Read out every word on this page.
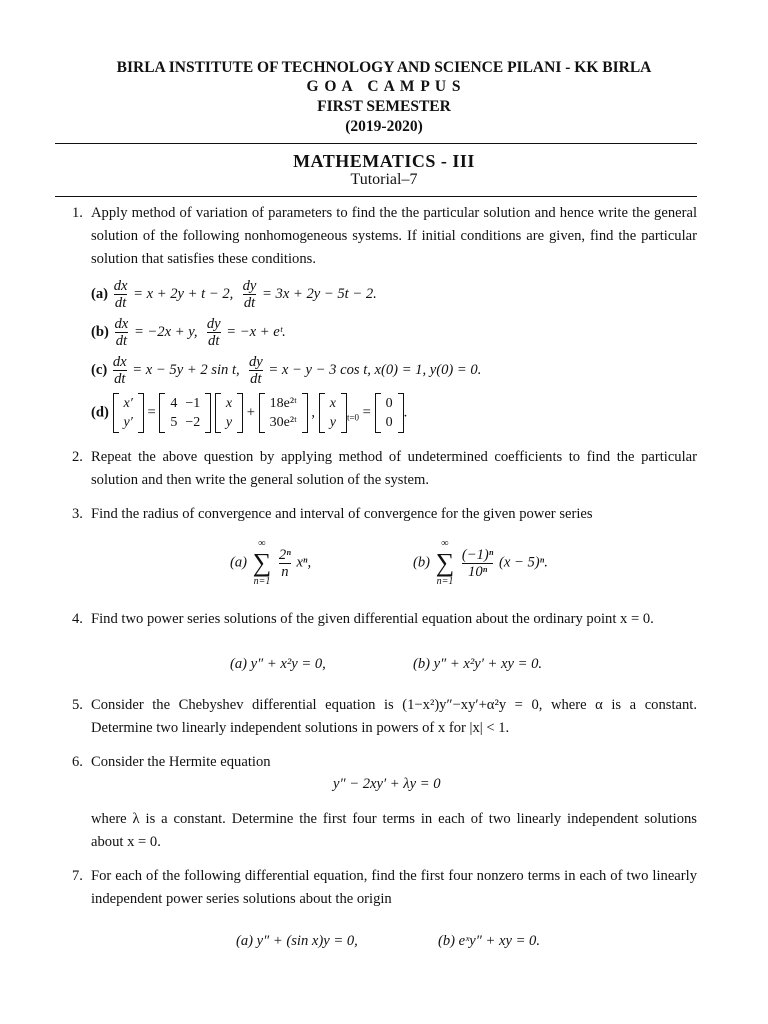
BIRLA INSTITUTE OF TECHNOLOGY AND SCIENCE PILANI - KK BIRLA
G O A   C A M P U S
FIRST SEMESTER
(2019-2020)
MATHEMATICS - III
Tutorial–7
1. Apply method of variation of parameters to find the the particular solution and hence write the general solution of the following nonhomogeneous systems. If initial conditions are given, find the particular solution that satisfies these conditions.
$(a) \frac{dx}{dt} = x + 2y + t - 2$, $\frac{dy}{dt} = 3x + 2y - 5t - 2$.
$(b) \frac{dx}{dt} = -2x + y$, $\frac{dy}{dt} = -x$ + eᵗ.
$(c) \frac{dx}{dt} = x - 5y + 2$ sin t, $\frac{dy}{dt} = x - y - 3$ cos t, x(0) = 1, y(0) = 0.
(d)
x′
y′
=
4	−1
5	−2

x
y
+
18e²ᵗ
30e²ᵗ
,
x
y $_{t=0}$ =
0
0
.
2. Repeat the above question by applying method of undetermined coefficients to find the particular solution and then write the general solution of the system.
3. Find the radius of convergence and interval of convergence for the given power series
(a)
∞
∑
n=1

$\frac{\text{2ⁿ}}{n} x^n$,	(b)
∞
∑
n=1

$\frac{\text{(−1)ⁿ}}{\text{10ⁿ}} (x - 5)^n$.
4. Find two power series solutions of the given differential equation about the ordinary point x = 0.
(a) y″ + x²y = 0,	(b) y″ + x²y′ + xy = 0.
5. Consider the Chebyshev differential equation is (1−x²)y″−xy′+α²y = 0, where α is a constant. Determine two linearly independent solutions in powers of x for |x| < 1.
6. Consider the Hermite equation
y″ − 2xy′ + λy = 0
where λ is a constant. Determine the first four terms in each of two linearly independent solutions about x = 0.
7. For each of the following differential equation, find the first four nonzero terms in each of two linearly independent power series solutions about the origin
(a) y″ + (sin x)y = 0,	(b) eˣy″ + xy = 0.
